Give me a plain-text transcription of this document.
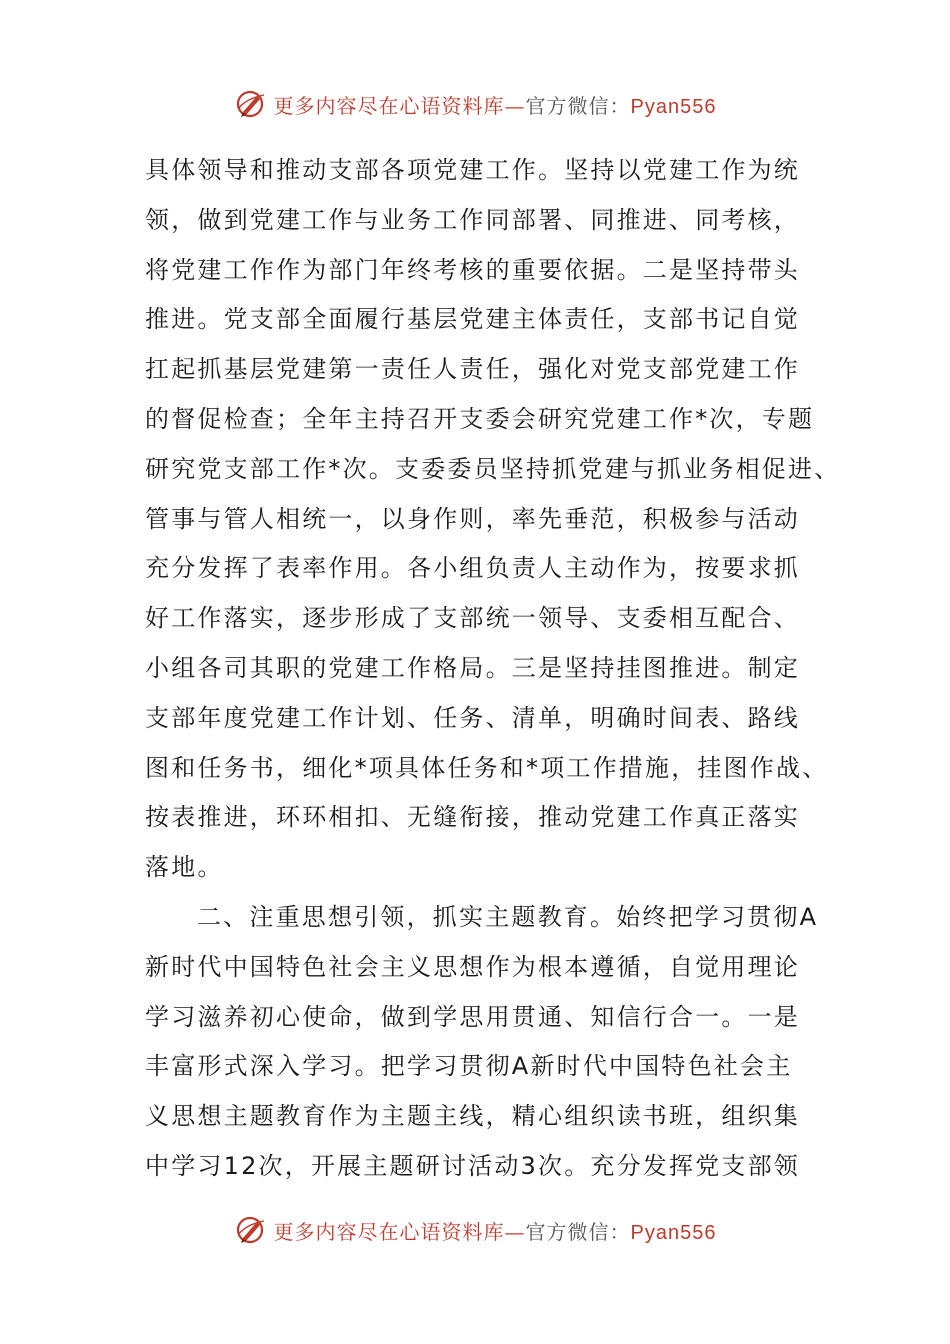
更多内容尽在心语资料库—官方微信：Pyan556
具体领导和推动支部各项党建工作。坚持以党建工作为统
领，做到党建工作与业务工作同部署、同推进、同考核，
将党建工作作为部门年终考核的重要依据。二是坚持带头
推进。党支部全面履行基层党建主体责任，支部书记自觉
扛起抓基层党建第一责任人责任，强化对党支部党建工作
的督促检查；全年主持召开支委会研究党建工作*次，专题
研究党支部工作*次。支委委员坚持抓党建与抓业务相促进、
管事与管人相统一，以身作则，率先垂范，积极参与活动
充分发挥了表率作用。各小组负责人主动作为，按要求抓
好工作落实，逐步形成了支部统一领导、支委相互配合、
小组各司其职的党建工作格局。三是坚持挂图推进。制定
支部年度党建工作计划、任务、清单，明确时间表、路线
图和任务书，细化*项具体任务和*项工作措施，挂图作战、
按表推进，环环相扣、无缝衔接，推动党建工作真正落实
落地。
二、注重思想引领，抓实主题教育。始终把学习贯彻A
新时代中国特色社会主义思想作为根本遵循，自觉用理论
学习滋养初心使命，做到学思用贯通、知信行合一。一是
丰富形式深入学习。把学习贯彻A新时代中国特色社会主
义思想主题教育作为主题主线，精心组织读书班，组织集
中学习12次，开展主题研讨活动3次。充分发挥党支部领
更多内容尽在心语资料库—官方微信：Pyan556
